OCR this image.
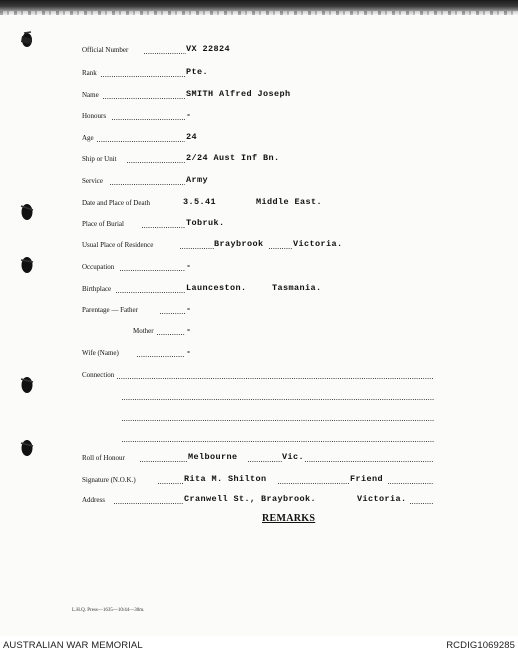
Official Number	VX 22824
Rank	Pte.
Name	SMITH Alfred Joseph
Honours	-
Age	24
Ship or Unit	2/24 Aust Inf Bn.
Service	Army
Date and Place of Death	3.5.41	Middle East.
Place of Burial	Tobruk.
Usual Place of Residence	Braybrook	Victoria.
Occupation	-
Birthplace	Launceston.	Tasmania.
Parentage — Father	-
Mother	-
Wife (Name)	-
Connection
Roll of Honour	Melbourne	Vic.
Signature (N.O.K.)	Rita M. Shilton	Friend
Address	Cranwell St., Braybrook.	Victoria.
REMARKS
L.H.Q. Press—1635—10/44—30m.
AUSTRALIAN WAR MEMORIAL	RCDIG1069285
